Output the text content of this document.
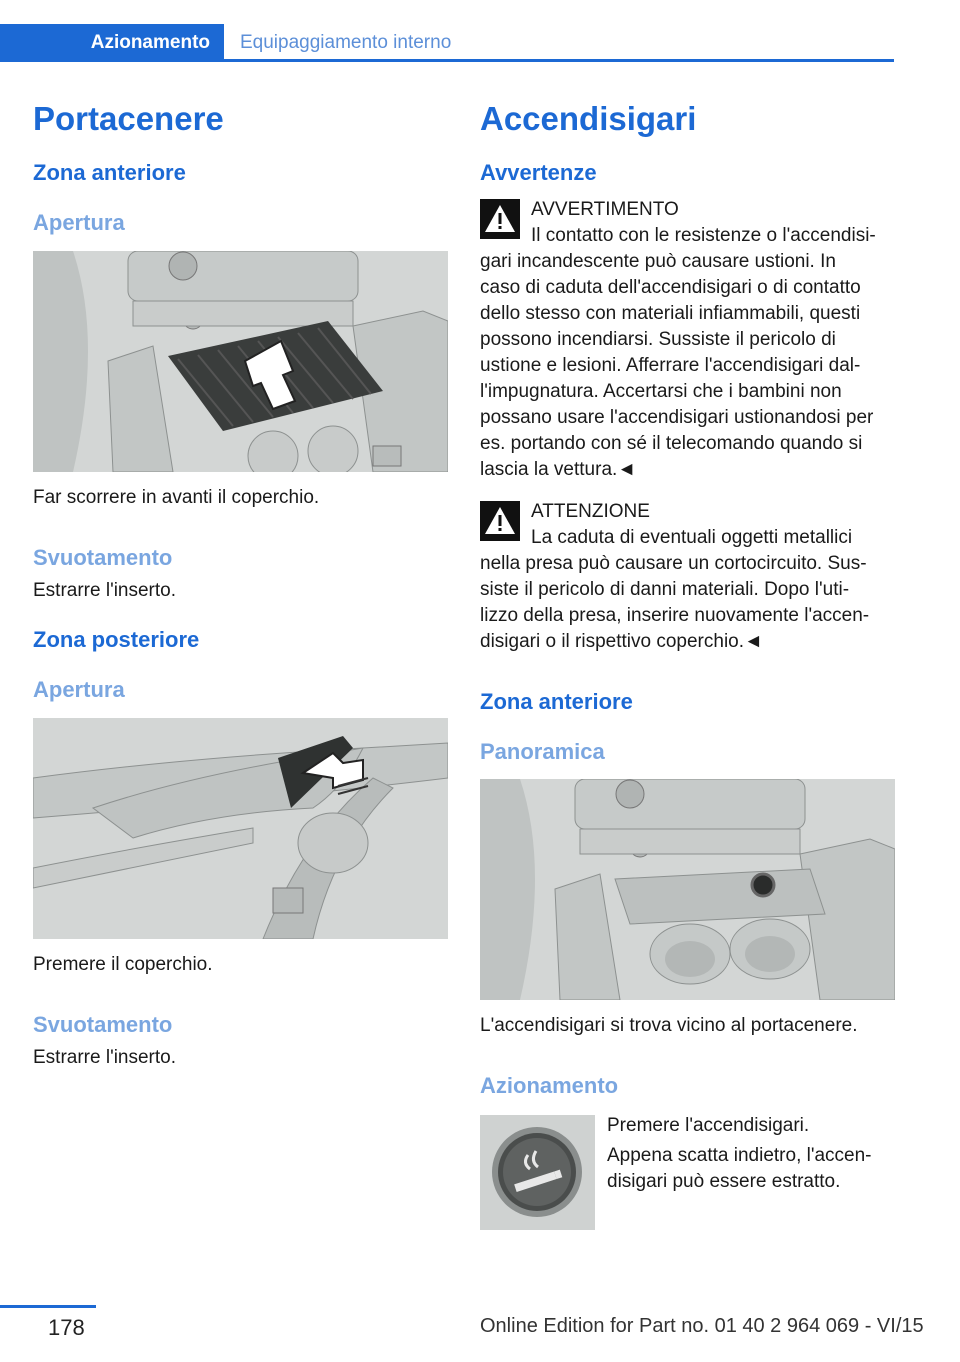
Azionamento	Equipaggiamento interno
Portacenere
Zona anteriore
Apertura
Far scorrere in avanti il coperchio.
Svuotamento
Estrarre l'inserto.
Zona posteriore
Apertura
Premere il coperchio.
Svuotamento
Estrarre l'inserto.
Accendisigari
Avvertenze
AVVERTIMENTO
Il contatto con le resistenze o l'accendisi-
gari incandescente può causare ustioni. In
caso di caduta dell'accendisigari o di contatto
dello stesso con materiali infiammabili, questi
possono incendiarsi. Sussiste il pericolo di
ustione e lesioni. Afferrare l'accendisigari dal-
l'impugnatura. Accertarsi che i bambini non
possano usare l'accendisigari ustionandosi per
es. portando con sé il telecomando quando si
lascia la vettura.◄
ATTENZIONE
La caduta di eventuali oggetti metallici
nella presa può causare un cortocircuito. Sus-
siste il pericolo di danni materiali. Dopo l'uti-
lizzo della presa, inserire nuovamente l'accen-
disigari o il rispettivo coperchio.◄
Zona anteriore
Panoramica
L'accendisigari si trova vicino al portacenere.
Azionamento
Premere l'accendisigari.
Appena scatta indietro, l'accen-
disigari può essere estratto.
178	Online Edition for Part no. 01 40 2 964 069 - VI/15
